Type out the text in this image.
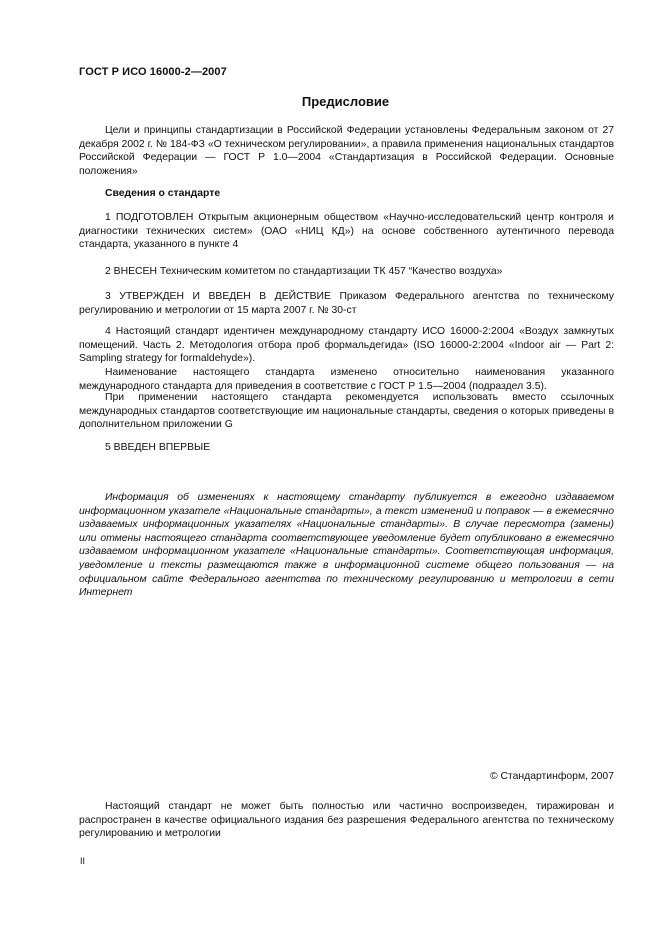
ГОСТ Р ИСО 16000-2—2007
Предисловие

Цели и принципы стандартизации в Российской Федерации установлены Федеральным законом от 27 декабря 2002 г. № 184-ФЗ «О техническом регулировании», а правила применения национальных стандартов Российской Федерации — ГОСТ Р 1.0—2004 «Стандартизация в Российской Федерации. Основные положения»

Сведения о стандарте

1 ПОДГОТОВЛЕН Открытым акционерным обществом «Научно-исследовательский центр контроля и диагностики технических систем» (ОАО «НИЦ КД») на основе собственного аутентичного перевода стандарта, указанного в пункте 4

2 ВНЕСЕН Техническим комитетом по стандартизации ТК 457 “Качество воздуха»

3 УТВЕРЖДЕН И ВВЕДЕН В ДЕЙСТВИЕ Приказом Федерального агентства по техническому регулированию и метрологии от 15 марта 2007 г. № 30-ст

4 Настоящий стандарт идентичен международному стандарту ИСО 16000-2:2004 «Воздух замкнутых помещений. Часть 2. Методология отбора проб формальдегида» (ISO 16000-2:2004 «Indoor air — Part 2: Sampling strategy for formaldehyde»).

Наименование настоящего стандарта изменено относительно наименования указанного международного стандарта для приведения в соответствие с ГОСТ Р 1.5—2004 (подраздел 3.5).

При применении настоящего стандарта рекомендуется использовать вместо ссылочных международных стандартов соответствующие им национальные стандарты, сведения о которых приведены в дополнительном приложении G

5 ВВЕДЕН ВПЕРВЫЕ

Информация об изменениях к настоящему стандарту публикуется в ежегодно издаваемом информационном указателе «Национальные стандарты», а текст изменений и поправок — в ежемесячно издаваемых информационных указателях «Национальные стандарты». В случае пересмотра (замены) или отмены настоящего стандарта соответствующее уведомление будет опубликовано в ежемесячно издаваемом информационном указателе «Национальные стандарты». Соответствующая информация, уведомление и тексты размещаются также в информационной системе общего пользования — на официальном сайте Федерального агентства по техническому регулированию и метрологии в сети Интернет

© Стандартинформ, 2007

Настоящий стандарт не может быть полностью или частично воспроизведен, тиражирован и распространен в качестве официального издания без разрешения Федерального агентства по техническому регулированию и метрологии

II
